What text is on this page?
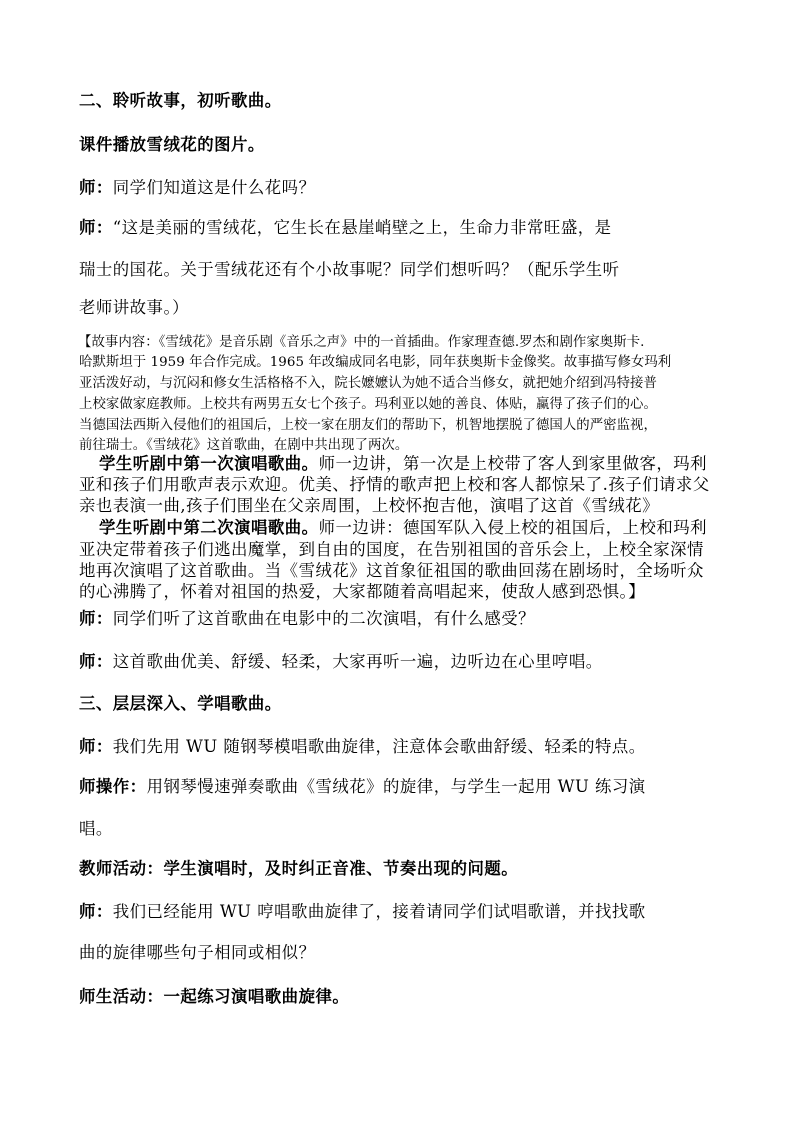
二、聆听故事，初听歌曲。
课件播放雪绒花的图片。
师：同学们知道这是什么花吗？
师：“这是美丽的雪绒花，它生长在悬崖峭壁之上，生命力非常旺盛，是
瑞士的国花。关于雪绒花还有个小故事呢？同学们想听吗？（配乐学生听
老师讲故事。）
【故事内容：《雪绒花》是音乐剧《音乐之声》中的一首插曲。作家理查德.罗杰和剧作家奥斯卡.
哈默斯坦于 1959 年合作完成。1965 年改编成同名电影，同年获奥斯卡金像奖。故事描写修女玛利
亚活泼好动，与沉闷和修女生活格格不入，院长嬷嬷认为她不适合当修女，就把她介绍到冯特接普
上校家做家庭教师。上校共有两男五女七个孩子。玛利亚以她的善良、体贴，赢得了孩子们的心。
当德国法西斯入侵他们的祖国后，上校一家在朋友们的帮助下，机智地摆脱了德国人的严密监视，
前往瑞士。《雪绒花》这首歌曲，在剧中共出现了两次。
学生听剧中第一次演唱歌曲。师一边讲，第一次是上校带了客人到家里做客，玛利
亚和孩子们用歌声表示欢迎。优美、抒情的歌声把上校和客人都惊呆了.孩子们请求父
亲也表演一曲,孩子们围坐在父亲周围，上校怀抱吉他，演唱了这首《雪绒花》
学生听剧中第二次演唱歌曲。师一边讲：德国军队入侵上校的祖国后，上校和玛利
亚决定带着孩子们逃出魔掌，到自由的国度，在告别祖国的音乐会上，上校全家深情
地再次演唱了这首歌曲。当《雪绒花》这首象征祖国的歌曲回荡在剧场时，全场听众
的心沸腾了，怀着对祖国的热爱，大家都随着高唱起来，使敌人感到恐惧。】
师：同学们听了这首歌曲在电影中的二次演唱，有什么感受？
师：这首歌曲优美、舒缓、轻柔，大家再听一遍，边听边在心里哼唱。
三、层层深入、学唱歌曲。
师：我们先用 WU 随钢琴模唱歌曲旋律，注意体会歌曲舒缓、轻柔的特点。
师操作：用钢琴慢速弹奏歌曲《雪绒花》的旋律，与学生一起用 WU 练习演
唱。
教师活动：学生演唱时，及时纠正音准、节奏出现的问题。
师：我们已经能用 WU 哼唱歌曲旋律了，接着请同学们试唱歌谱，并找找歌
曲的旋律哪些句子相同或相似？
师生活动：一起练习演唱歌曲旋律。
